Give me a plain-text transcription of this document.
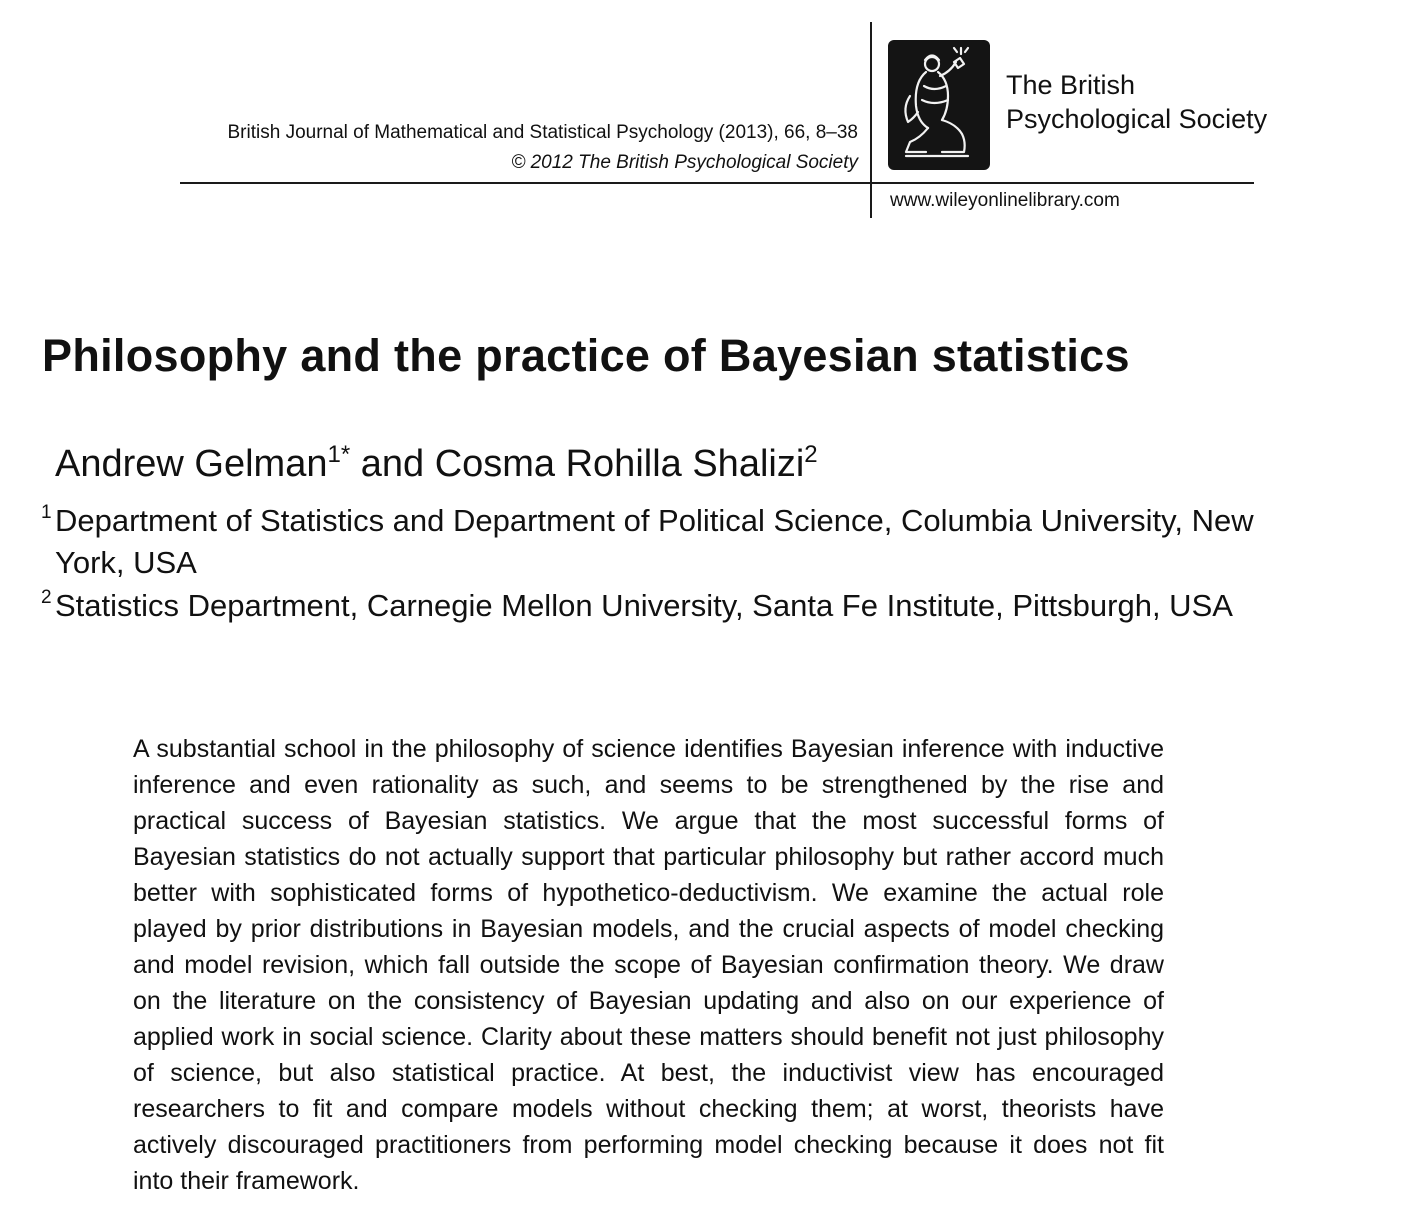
British Journal of Mathematical and Statistical Psychology (2013), 66, 8–38
© 2012 The British Psychological Society
The British
Psychological Society
www.wileyonlinelibrary.com
Philosophy and the practice of Bayesian statistics
Andrew Gelman$^{1*}$ and Cosma Rohilla Shalizi$^2$
1 Department of Statistics and Department of Political Science, Columbia University, New York, USA
2 Statistics Department, Carnegie Mellon University, Santa Fe Institute, Pittsburgh, USA

A substantial school in the philosophy of science identifies Bayesian inference with inductive inference and even rationality as such, and seems to be strengthened by the rise and practical success of Bayesian statistics. We argue that the most successful forms of Bayesian statistics do not actually support that particular philosophy but rather accord much better with sophisticated forms of hypothetico-deductivism. We examine the actual role played by prior distributions in Bayesian models, and the crucial aspects of model checking and model revision, which fall outside the scope of Bayesian confirmation theory. We draw on the literature on the consistency of Bayesian updating and also on our experience of applied work in social science. Clarity about these matters should benefit not just philosophy of science, but also statistical practice. At best, the inductivist view has encouraged researchers to fit and compare models without checking them; at worst, theorists have actively discouraged practitioners from performing model checking because it does not fit into their framework.
